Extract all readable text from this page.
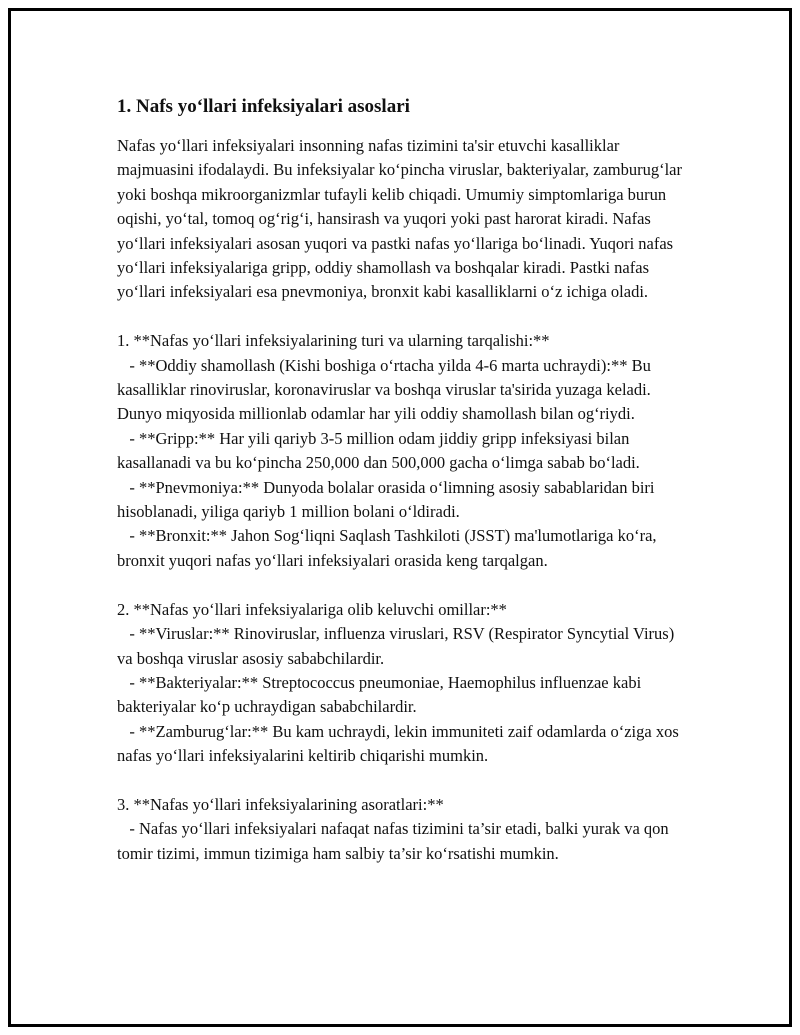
1. Nafs yo‘llari infeksiyalari asoslari

Nafas yo‘llari infeksiyalari insonning nafas tizimini ta'sir etuvchi kasalliklar majmuasini ifodalaydi. Bu infeksiyalar ko‘pincha viruslar, bakteriyalar, zamburug‘lar yoki boshqa mikroorganizmlar tufayli kelib chiqadi. Umumiy simptomlariga burun oqishi, yo‘tal, tomoq og‘rig‘i, hansirash va yuqori yoki past harorat kiradi. Nafas yo‘llari infeksiyalari asosan yuqori va pastki nafas yo‘llariga bo‘linadi. Yuqori nafas yo‘llari infeksiyalariga gripp, oddiy shamollash va boshqalar kiradi. Pastki nafas yo‘llari infeksiyalari esa pnevmoniya, bronxit kabi kasalliklarni o‘z ichiga oladi.

1. **Nafas yo‘llari infeksiyalarining turi va ularning tarqalishi:**

- **Oddiy shamollash (Kishi boshiga o‘rtacha yilda 4-6 marta uchraydi):** Bu kasalliklar rinoviruslar, koronaviruslar va boshqa viruslar ta'sirida yuzaga keladi. Dunyo miqyosida millionlab odamlar har yili oddiy shamollash bilan og‘riydi.

- **Gripp:** Har yili qariyb 3-5 million odam jiddiy gripp infeksiyasi bilan kasallanadi va bu ko‘pincha 250,000 dan 500,000 gacha o‘limga sabab bo‘ladi.

- **Pnevmoniya:** Dunyoda bolalar orasida o‘limning asosiy sabablaridan biri hisoblanadi, yiliga qariyb 1 million bolani o‘ldiradi.

- **Bronxit:** Jahon Sog‘liqni Saqlash Tashkiloti (JSST) ma'lumotlariga ko‘ra, bronxit yuqori nafas yo‘llari infeksiyalari orasida keng tarqalgan.

2. **Nafas yo‘llari infeksiyalariga olib keluvchi omillar:**

- **Viruslar:** Rinoviruslar, influenza viruslari, RSV (Respirator Syncytial Virus) va boshqa viruslar asosiy sababchilardir.

- **Bakteriyalar:** Streptococcus pneumoniae, Haemophilus influenzae kabi bakteriyalar ko‘p uchraydigan sababchilardir.

- **Zamburug‘lar:** Bu kam uchraydi, lekin immuniteti zaif odamlarda o‘ziga xos nafas yo‘llari infeksiyalarini keltirib chiqarishi mumkin.

3. **Nafas yo‘llari infeksiyalarining asoratlari:**

- Nafas yo‘llari infeksiyalari nafaqat nafas tizimini ta’sir etadi, balki yurak va qon tomir tizimi, immun tizimiga ham salbiy ta’sir ko‘rsatishi mumkin.
